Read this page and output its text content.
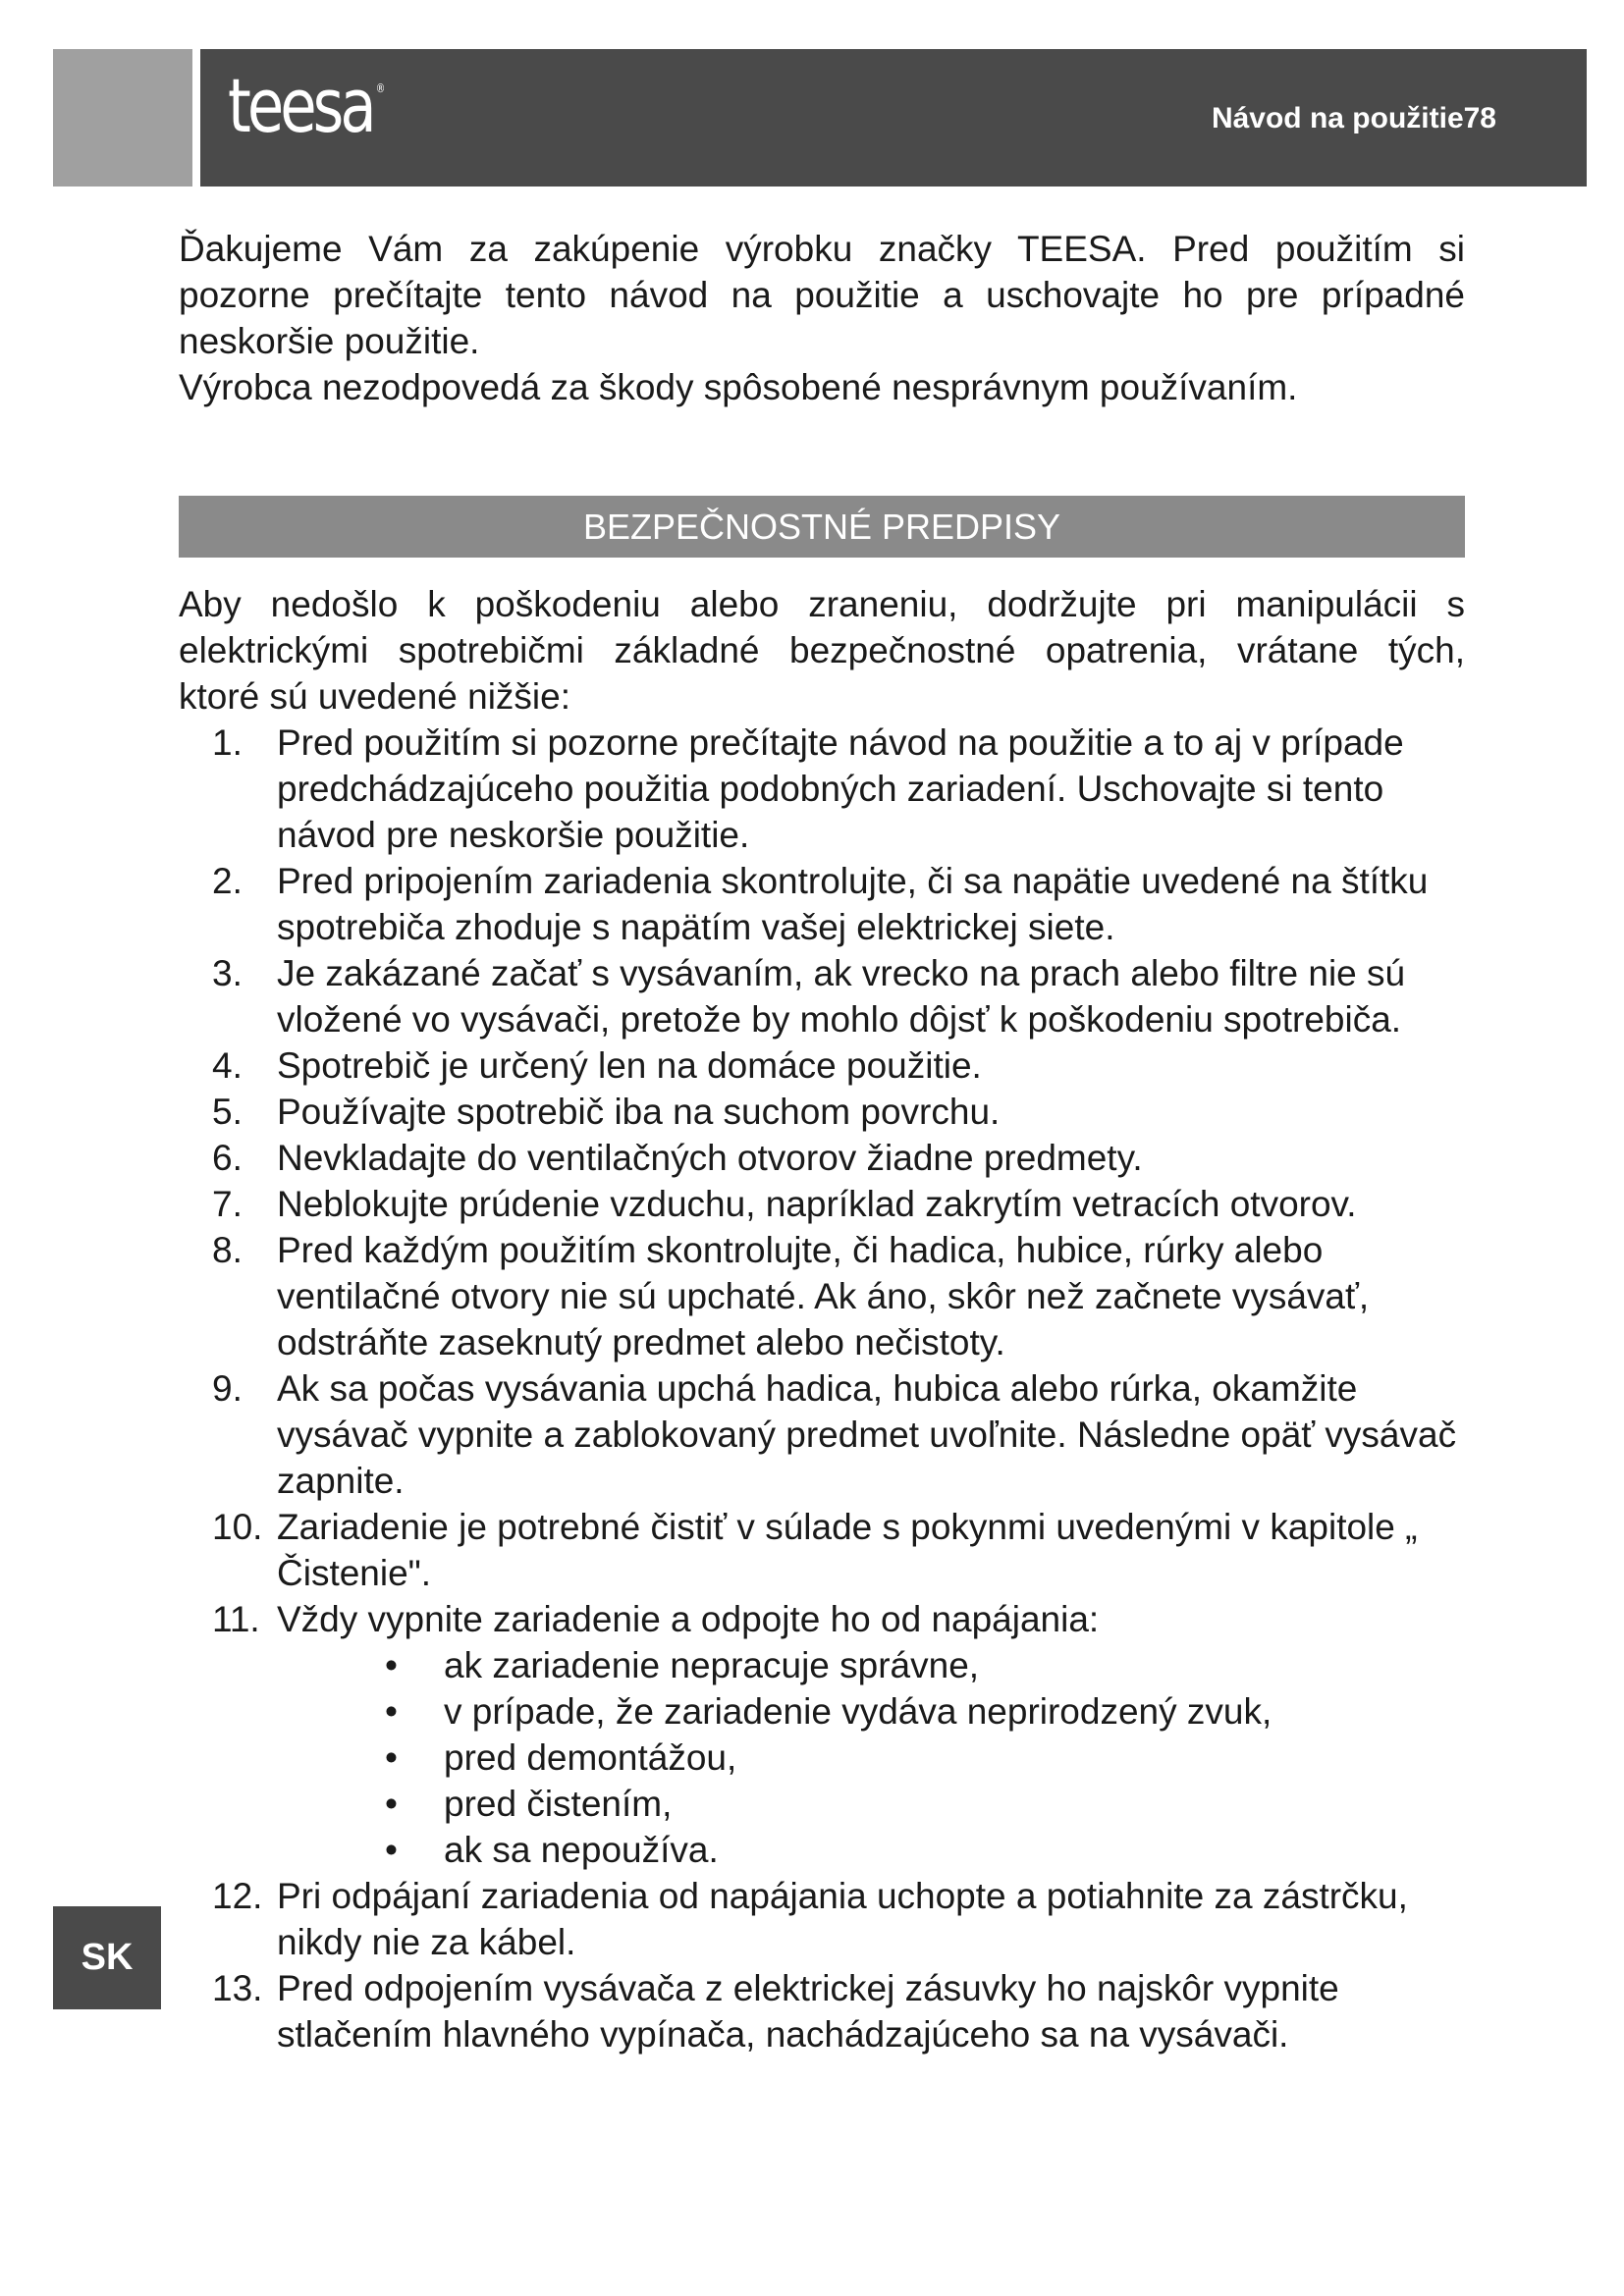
teesa ®
Návod na použitie78

Ďakujeme Vám za zakúpenie výrobku značky TEESA. Pred použitím si

pozorne prečítajte tento návod na použitie a uschovajte ho pre prípadné

neskoršie použitie.

Výrobca nezodpovedá za škody spôsobené nesprávnym používaním.

BEZPEČNOSTNÉ PREDPISY

Aby nedošlo k poškodeniu alebo zraneniu, dodržujte pri manipulácii s

elektrickými spotrebičmi základné bezpečnostné opatrenia, vrátane tých,

ktoré sú uvedené nižšie:

1. Pred použitím si pozorne prečítajte návod na použitie a to aj v prípade predchádzajúceho použitia podobných zariadení. Uschovajte si tento návod pre neskoršie použitie.
2. Pred pripojením zariadenia skontrolujte, či sa napätie uvedené na štítku spotrebiča zhoduje s napätím vašej elektrickej siete.
3. Je zakázané začať s vysávaním, ak vrecko na prach alebo filtre nie sú vložené vo vysávači, pretože by mohlo dôjsť k poškodeniu spotrebiča.
4. Spotrebič je určený len na domáce použitie.
5. Používajte spotrebič iba na suchom povrchu.
6. Nevkladajte do ventilačných otvorov žiadne predmety.
7. Neblokujte prúdenie vzduchu, napríklad zakrytím vetracích otvorov.
8. Pred každým použitím skontrolujte, či hadica, hubice, rúrky alebo ventilačné otvory nie sú upchaté. Ak áno, skôr než začnete vysávať, odstráňte zaseknutý predmet alebo nečistoty.
9. Ak sa počas vysávania upchá hadica, hubica alebo rúrka, okamžite vysávač vypnite a zablokovaný predmet uvoľnite. Následne opäť vysávač zapnite.
10. Zariadenie je potrebné čistiť v súlade s pokynmi uvedenými v kapitole „ Čistenie".
11. Vždy vypnite zariadenie a odpojte ho od napájania:
• ak zariadenie nepracuje správne,
• v prípade, že zariadenie vydáva neprirodzený zvuk,
• pred demontážou,
• pred čistením,
• ak sa nepoužíva.
12. Pri odpájaní zariadenia od napájania uchopte a potiahnite za zástrčku, nikdy nie za kábel.
13. Pred odpojením vysávača z elektrickej zásuvky ho najskôr vypnite stlačením hlavného vypínača, nachádzajúceho sa na vysávači.
SK
